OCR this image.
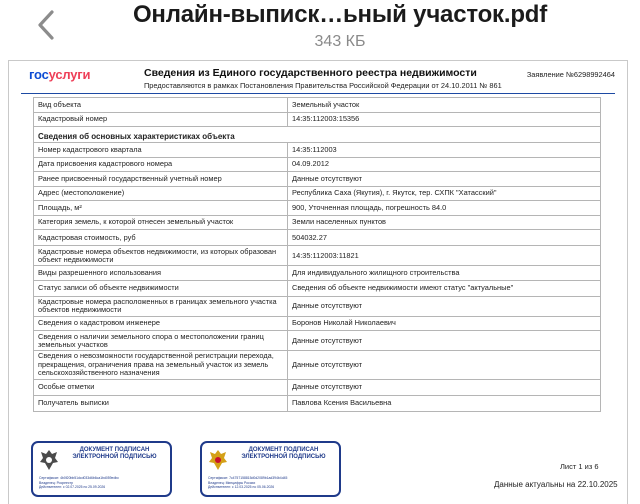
Онлайн-выписк…ьный участок.pdf
343 КБ
госуслуги	Сведения из Единого государственного реестра недвижимости
Предоставляются в рамках Постановления Правительства Российской Федерации от 24.10.2011 № 861
Заявление №6298992464
Вид объекта	Земельный участок
Кадастровый номер	14:35:112003:15356
Сведения об основных характеристиках объекта	
Номер кадастрового квартала	14:35:112003
Дата присвоения кадастрового номера	04.09.2012
Ранее присвоенный государственный учетный номер	Данные отсутствуют
Адрес (местоположение)	Республика Саха (Якутия), г. Якутск, тер. СХПК "Хатасский"
Площадь, м²	900, Уточненная площадь, погрешность 84.0
Категория земель, к которой отнесен земельный участок	Земли населенных пунктов
Кадастровая стоимость, руб	504032.27
Кадастровые номера объектов недвижимости, из которых образован объект недвижимости	14:35:112003:11821
Виды разрешенного использования	Для индивидуального жилищного строительства
Статус записи об объекте недвижимости	Сведения об объекте недвижимости имеют статус "актуальные"
Кадастровые номера расположенных в границах земельного участка объектов недвижимости	Данные отсутствуют
Сведения о кадастровом инженере	Боронов Николай Николаевич
Сведения о наличии земельного спора о местоположении границ земельных участков	Данные отсутствуют
Сведения о невозможности государственной регистрации перехода, прекращения, ограничения права на земельный участок из земель сельскохозяйственного назначения	Данные отсутствуют
Особые отметки	Данные отсутствуют
Получатель выписки	Павлова Ксения Васильевна
ДОКУМЕНТ ПОДПИСАН ЭЛЕКТРОННОЙ ПОДПИСЬЮ
Сертификат: 4b0f20bb51dcd033d6b6ca1bd059edbc
Владелец: Росреестр
Действителен: с 02.07.2025 по 25.09.2026
ДОКУМЕНТ ПОДПИСАН ЭЛЕКТРОННОЙ ПОДПИСЬЮ
Сертификат: 7c4757158815d0d2089b1ad394b4d45
Владелец: Минцифры России
Действителен: с 12.03.2025 по 05.06.2026
Лист 1 из 6
Данные актуальны на 22.10.2025
